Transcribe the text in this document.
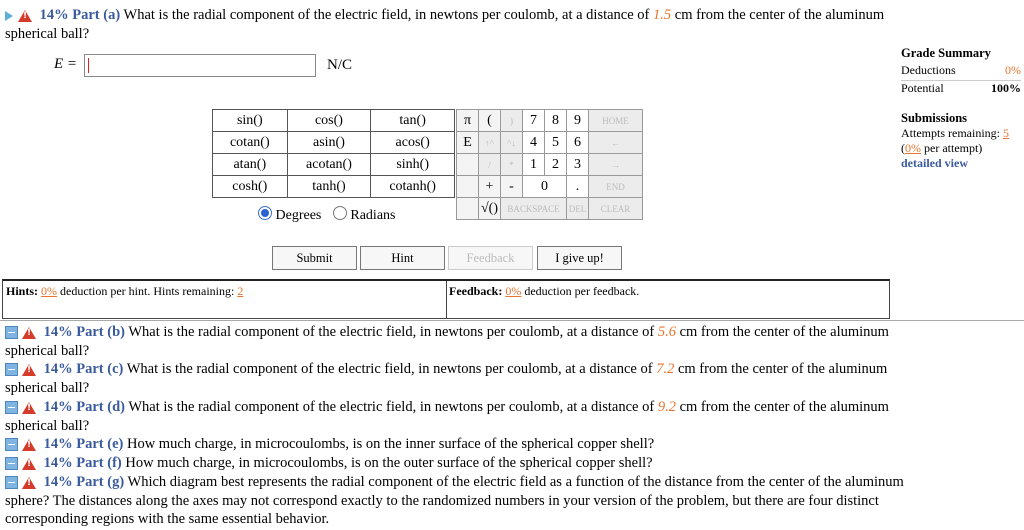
! 14% Part (a) What is the radial component of the electric field, in newtons per coulomb, at a distance of 1.5 cm from the center of the aluminum
spherical ball?
E =	N/C
sin()	cos()	tan()
cotan()	asin()	acos()
atan()	acotan()	sinh()
cosh()	tanh()	cotanh()
Degrees Radians
π	(	)	7	8	9	HOME
E	↑^	^↓	4	5	6	←
	/	*	1	2	3	→
	+	-	0		.	END
	√()	BACKSPACE			DEL	CLEAR
Submit	Hint	Feedback	I give up!
Hints: 0% deduction per hint. Hints remaining: 2	Feedback: 0% deduction per feedback.
Grade Summary
Deductions	0%
Potential	100%
Submissions
Attempts remaining: 5
(0% per attempt)
detailed view
! 14% Part (b) What is the radial component of the electric field, in newtons per coulomb, at a distance of 5.6 cm from the center of the aluminum
spherical ball?
! 14% Part (c) What is the radial component of the electric field, in newtons per coulomb, at a distance of 7.2 cm from the center of the aluminum
spherical ball?
! 14% Part (d) What is the radial component of the electric field, in newtons per coulomb, at a distance of 9.2 cm from the center of the aluminum
spherical ball?
! 14% Part (e) How much charge, in microcoulombs, is on the inner surface of the spherical copper shell?
! 14% Part (f) How much charge, in microcoulombs, is on the outer surface of the spherical copper shell?
! 14% Part (g) Which diagram best represents the radial component of the electric field as a function of the distance from the center of the aluminum
sphere? The distances along the axes may not correspond exactly to the randomized numbers in your version of the problem, but there are four distinct
corresponding regions with the same essential behavior.
